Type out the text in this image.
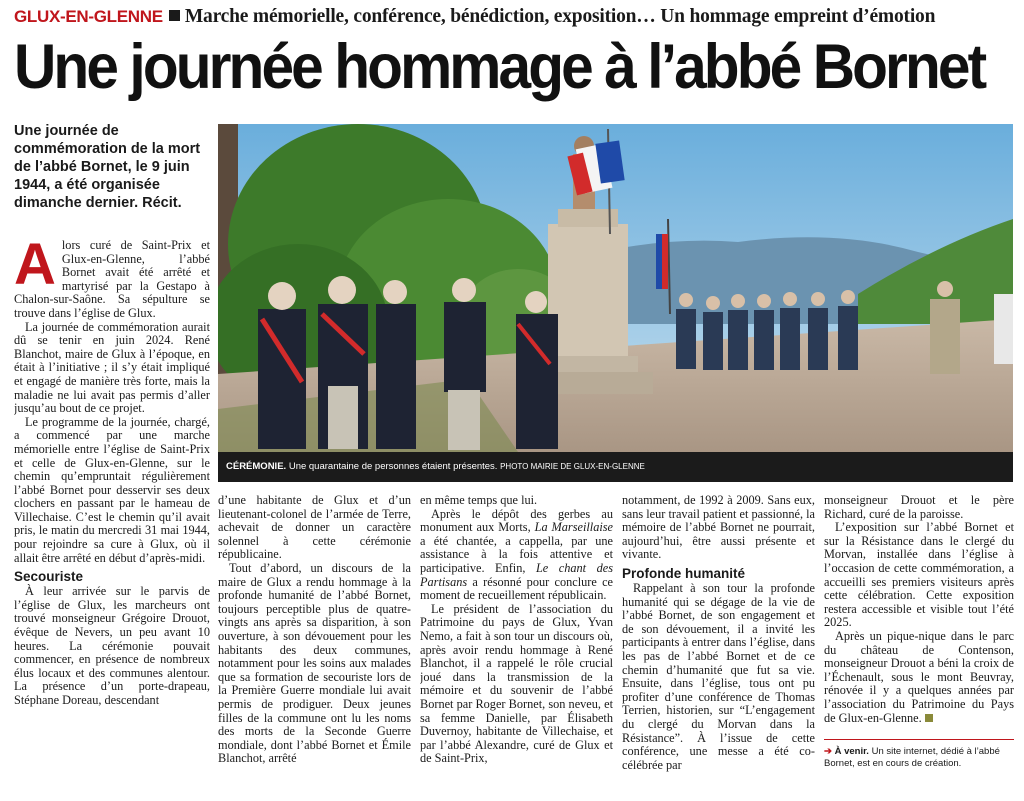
GLUX-EN-GLENNE Marche mémorielle, conférence, bénédiction, exposition… Un hommage empreint d’émotion
Une journée hommage à l’abbé Bornet

Une journée de commémoration de la mort de l’abbé Bornet, le 9 juin 1944, a été organisée dimanche dernier. Récit.

CÉRÉMONIE. Une quarantaine de personnes étaient présentes. PHOTO MAIRIE DE GLUX-EN-GLENNE

Alors curé de Saint-Prix et Glux-en-Glenne, l’abbé Bornet avait été arrêté et martyrisé par la Gestapo à Chalon-sur-Saône. Sa sépulture se trouve dans l’église de Glux.

La journée de commémoration aurait dû se tenir en juin 2024. René Blanchot, maire de Glux à l’époque, en était à l’initiative ; il s’y était impliqué et engagé de manière très forte, mais la maladie ne lui avait pas permis d’aller jusqu’au bout de ce projet.

Le programme de la journée, chargé, a commencé par une marche mémorielle entre l’église de Saint-Prix et celle de Glux-en-Glenne, sur le chemin qu’empruntait régulièrement l’abbé Bornet pour desservir ses deux clochers en passant par le hameau de Villechaise. C’est le chemin qu’il avait pris, le matin du mercredi 31 mai 1944, pour rejoindre sa cure à Glux, où il allait être arrêté en début d’après-midi.

Secouriste

À leur arrivée sur le parvis de l’église de Glux, les marcheurs ont trouvé monseigneur Grégoire Drouot, évêque de Nevers, un peu avant 10 heures. La cérémonie pouvait commencer, en présence de nombreux élus locaux et des communes alentour. La présence d’un porte-drapeau, Stéphane Doreau, descendant

d’une habitante de Glux et d’un lieutenant-colonel de l’armée de Terre, achevait de donner un caractère solennel à cette cérémonie républicaine.

Tout d’abord, un discours de la maire de Glux a rendu hommage à la profonde humanité de l’abbé Bornet, toujours perceptible plus de quatre-vingts ans après sa disparition, à son ouverture, à son dévouement pour les habitants des deux communes, notamment pour les soins aux malades que sa formation de secouriste lors de la Première Guerre mondiale lui avait permis de prodiguer. Deux jeunes filles de la commune ont lu les noms des morts de la Seconde Guerre mondiale, dont l’abbé Bornet et Émile Blanchot, arrêté

en même temps que lui.

Après le dépôt des gerbes au monument aux Morts, La Marseillaise a été chantée, a cappella, par une assistance à la fois attentive et participative. Enfin, Le chant des Partisans a résonné pour conclure ce moment de recueillement républicain.

Le président de l’association du Patrimoine du pays de Glux, Yvan Nemo, a fait à son tour un discours où, après avoir rendu hommage à René Blanchot, il a rappelé le rôle crucial joué dans la transmission de la mémoire et du souvenir de l’abbé Bornet par Roger Bornet, son neveu, et sa femme Danielle, par Élisabeth Duvernoy, habitante de Villechaise, et par l’abbé Alexandre, curé de Glux et de Saint-Prix,

notamment, de 1992 à 2009. Sans eux, sans leur travail patient et passionné, la mémoire de l’abbé Bornet ne pourrait, aujourd’hui, être aussi présente et vivante.

Profonde humanité

Rappelant à son tour la profonde humanité qui se dégage de la vie de l’abbé Bornet, de son engagement et de son dévouement, il a invité les participants à entrer dans l’église, dans les pas de l’abbé Bornet et de ce chemin d’humanité que fut sa vie. Ensuite, dans l’église, tous ont pu profiter d’une conférence de Thomas Terrien, historien, sur “L’engagement du clergé du Morvan dans la Résistance”. À l’issue de cette conférence, une messe a été co-célébrée par

monseigneur Drouot et le père Richard, curé de la paroisse.

L’exposition sur l’abbé Bornet et sur la Résistance dans le clergé du Morvan, installée dans l’église à l’occasion de cette commémoration, a accueilli ses premiers visiteurs après cette célébration. Cette exposition restera accessible et visible tout l’été 2025.

Après un pique-nique dans le parc du château de Contenson, monseigneur Drouot a béni la croix de l’Échenault, sous le mont Beuvray, rénovée il y a quelques années par l’association du Patrimoine du Pays de Glux-en-Glenne.

➔ À venir. Un site internet, dédié à l’abbé Bornet, est en cours de création.
